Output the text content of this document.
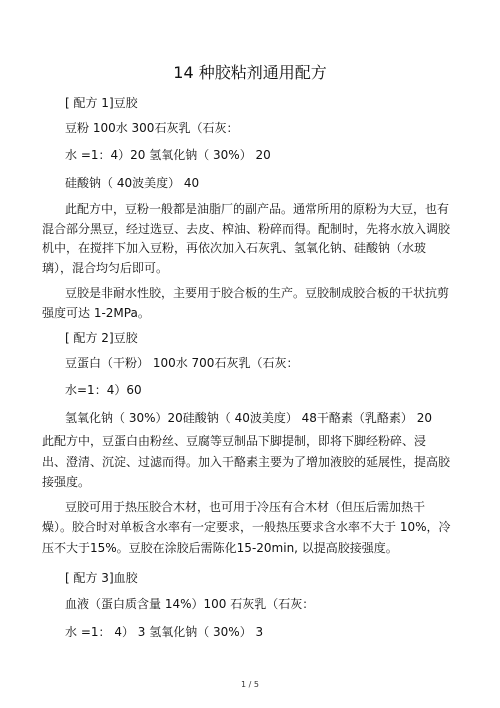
14 种胶粘剂通用配方
[ 配方 1]豆胶
豆粉 100水 300石灰乳（石灰：
水 =1：4）20 氢氧化钠（ 30%） 20
硅酸钠（ 40波美度） 40
此配方中，豆粉一般都是油脂厂的副产品。通常所用的原粉为大豆，也有
混合部分黑豆，经过选豆、去皮、榨油、粉碎而得。配制时，先将水放入调胶
机中，在搅拌下加入豆粉，再依次加入石灰乳、氢氧化钠、硅酸钠（水玻
璃），混合均匀后即可。
豆胶是非耐水性胶，主要用于胶合板的生产。豆胶制成胶合板的干状抗剪
强度可达 1-2MPa。
[ 配方 2]豆胶
豆蛋白（干粉） 100水 700石灰乳（石灰：
水=1：4）60
氢氧化钠（ 30%）20硅酸钠（ 40波美度） 48干酪素（乳酪素） 20
此配方中，豆蛋白由粉丝、豆腐等豆制品下脚提制，即将下脚经粉碎、浸
出、澄清、沉淀、过滤而得。加入干酪素主要为了增加液胶的延展性，提高胶
接强度。
豆胶可用于热压胶合木材，也可用于冷压有合木材（但压后需加热干
燥）。胶合时对单板含水率有一定要求，一般热压要求含水率不大于 10%，冷
压不大于15%。豆胶在涂胶后需陈化15-20min, 以提高胶接强度。
[ 配方 3]血胶
血液（蛋白质含量 14%）100 石灰乳（石灰：
水 =1： 4） 3 氢氧化钠（ 30%） 3
1 / 5
